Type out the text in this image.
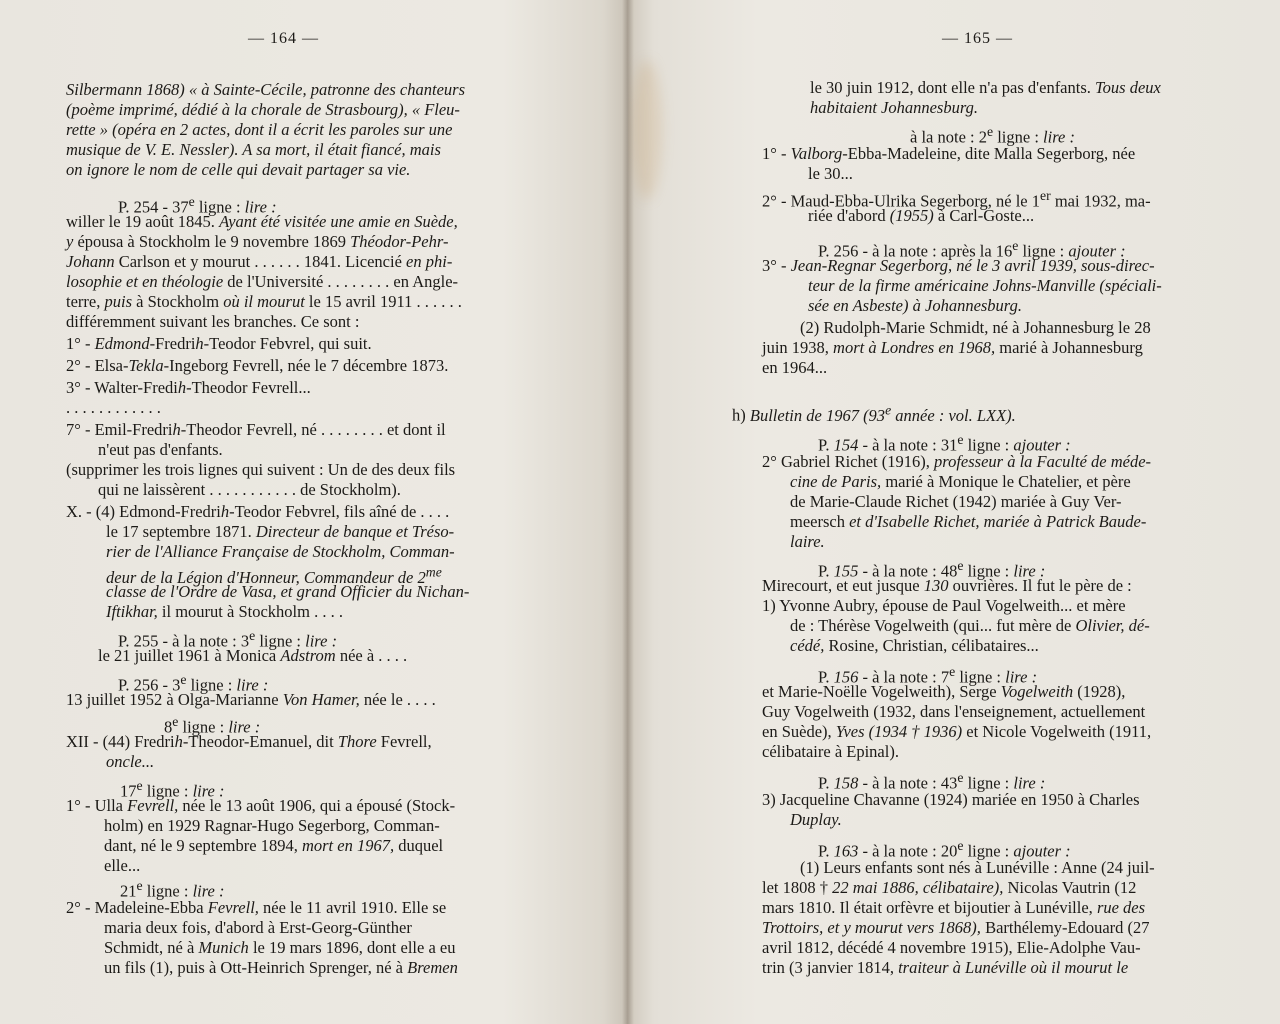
— 164 —
Silbermann 1868) « à Sainte-Cécile, patronne des chanteurs
(poème imprimé, dédié à la chorale de Strasbourg), « Fleu-
rette » (opéra en 2 actes, dont il a écrit les paroles sur une
musique de V. E. Nessler). A sa mort, il était fiancé, mais
on ignore le nom de celle qui devait partager sa vie.
P. 254 - 37e ligne : lire :
willer le 19 août 1845. Ayant été visitée une amie en Suède,
y épousa à Stockholm le 9 novembre 1869 Théodor-Pehr-
Johann Carlson et y mourut . . . . . . 1841. Licencié en phi-
losophie et en théologie de l'Université . . . . . . . . en Angle-
terre, puis à Stockholm où il mourut le 15 avril 1911 . . . . . .
différemment suivant les branches. Ce sont :
1° - Edmond-Fredrih-Teodor Febvrel, qui suit.
2° - Elsa-Tekla-Ingeborg Fevrell, née le 7 décembre 1873.
3° - Walter-Fredih-Theodor Fevrell...
. . . . . . . . . . . .
7° - Emil-Fredrih-Theodor Fevrell, né . . . . . . . . et dont il
n'eut pas d'enfants.
(supprimer les trois lignes qui suivent : Un de des deux fils
qui ne laissèrent . . . . . . . . . . . de Stockholm).
X. - (4) Edmond-Fredrih-Teodor Febvrel, fils aîné de . . . .
le 17 septembre 1871. Directeur de banque et Tréso-
rier de l'Alliance Française de Stockholm, Comman-
deur de la Légion d'Honneur, Commandeur de $2^{me}$
classe de l'Ordre de Vasa, et grand Officier du Nichan-
Iftikhar, il mourut à Stockholm . . . .
P. 255 - à la note : 3e ligne : lire :
le 21 juillet 1961 à Monica Adstrom née à . . . .
P. 256 - 3e ligne : lire :
13 juillet 1952 à Olga-Marianne Von Hamer, née le . . . .
8e ligne : lire :
XII - (44) Fredrih-Theodor-Emanuel, dit Thore Fevrell,
oncle...
17e ligne : lire :
1° - Ulla Fevrell, née le 13 août 1906, qui a épousé (Stock-
holm) en 1929 Ragnar-Hugo Segerborg, Comman-
dant, né le 9 septembre 1894, mort en 1967, duquel
elle...
21e ligne : lire :
2° - Madeleine-Ebba Fevrell, née le 11 avril 1910. Elle se
maria deux fois, d'abord à Erst-Georg-Günther
Schmidt, né à Munich le 19 mars 1896, dont elle a eu
un fils (1), puis à Ott-Heinrich Sprenger, né à Bremen
— 165 —
le 30 juin 1912, dont elle n'a pas d'enfants. Tous deux
habitaient Johannesburg.
à la note : 2e ligne : lire :
1° - Valborg-Ebba-Madeleine, dite Malla Segerborg, née
le 30...
2° - Maud-Ebba-Ulrika Segerborg, né le 1er mai 1932, ma-
riée d'abord (1955) à Carl-Goste...
P. 256 - à la note : après la 16e ligne : ajouter :
3° - Jean-Regnar Segerborg, né le 3 avril 1939, sous-direc-
teur de la firme américaine Johns-Manville (spéciali-
sée en Asbeste) à Johannesburg.
(2) Rudolph-Marie Schmidt, né à Johannesburg le 28
juin 1938, mort à Londres en 1968, marié à Johannesburg
en 1964...
h) Bulletin de 1967 (93e année : vol. LXX).
P. 154 - à la note : 31e ligne : ajouter :
2° Gabriel Richet (1916), professeur à la Faculté de méde-
cine de Paris, marié à Monique le Chatelier, et père
de Marie-Claude Richet (1942) mariée à Guy Ver-
meersch et d'Isabelle Richet, mariée à Patrick Baude-
laire.
P. 155 - à la note : 48e ligne : lire :
Mirecourt, et eut jusque 130 ouvrières. Il fut le père de :
1) Yvonne Aubry, épouse de Paul Vogelweith... et mère
de : Thérèse Vogelweith (qui... fut mère de Olivier, dé-
cédé, Rosine, Christian, célibataires...
P. 156 - à la note : 7e ligne : lire :
et Marie-Noëlle Vogelweith), Serge Vogelweith (1928),
Guy Vogelweith (1932, dans l'enseignement, actuellement
en Suède), Yves (1934 † 1936) et Nicole Vogelweith (1911,
célibataire à Epinal).
P. 158 - à la note : 43e ligne : lire :
3) Jacqueline Chavanne (1924) mariée en 1950 à Charles
Duplay.
P. 163 - à la note : 20e ligne : ajouter :
(1) Leurs enfants sont nés à Lunéville : Anne (24 juil-
let 1808 † 22 mai 1886, célibataire), Nicolas Vautrin (12
mars 1810. Il était orfèvre et bijoutier à Lunéville, rue des
Trottoirs, et y mourut vers 1868), Barthélemy-Edouard (27
avril 1812, décédé 4 novembre 1915), Elie-Adolphe Vau-
trin (3 janvier 1814, traiteur à Lunéville où il mourut le
